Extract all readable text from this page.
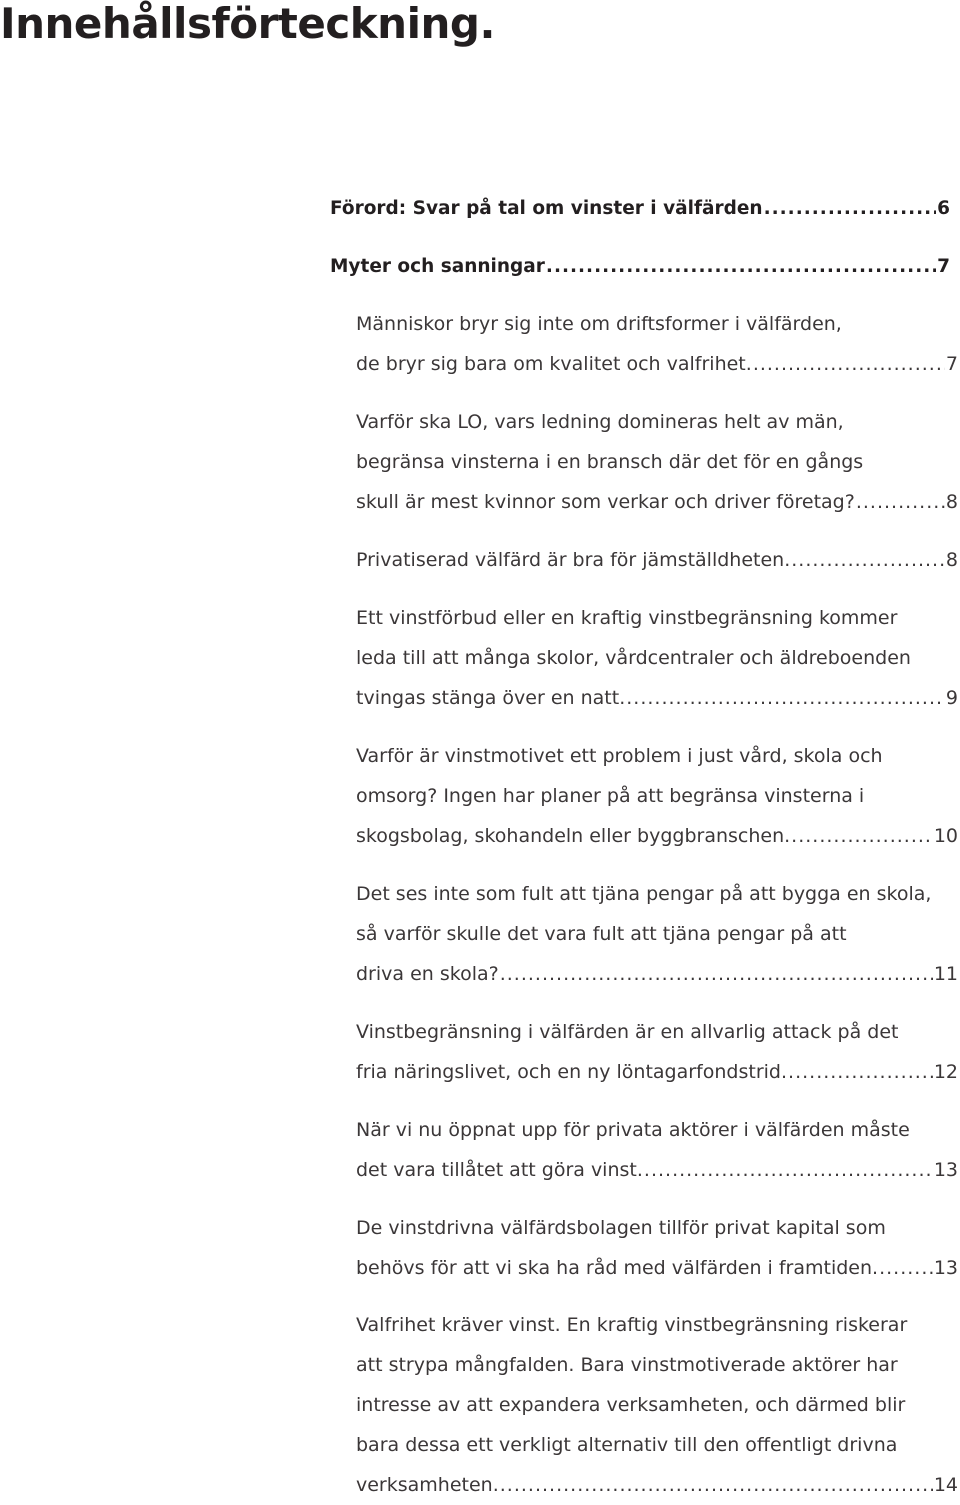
Innehållsförteckning.
Förord: Svar på tal om vinster i välfärden .....	6
Myter och sanningar .....	7
Människor bryr sig inte om driftsformer i välfärden,
de bryr sig bara om kvalitet och valfrihet. .....	7
Varför ska LO, vars ledning domineras helt av män,
begränsa vinsterna i en bransch där det för en gångs
skull är mest kvinnor som verkar och driver företag? .....	8
Privatiserad välfärd är bra för jämställdheten. .....	8
Ett vinstförbud eller en kraftig vinstbegränsning kommer
leda till att många skolor, vårdcentraler och äldreboenden
tvingas stänga över en natt. .....	9
Varför är vinstmotivet ett problem i just vård, skola och
omsorg? Ingen har planer på att begränsa vinsterna i
skogsbolag, skohandeln eller byggbranschen. .....	10
Det ses inte som fult att tjäna pengar på att bygga en skola,
så varför skulle det vara fult att tjäna pengar på att
driva en skola? .....	11
Vinstbegränsning i välfärden är en allvarlig attack på det
fria näringslivet, och en ny löntagarfondstrid. .....	12
När vi nu öppnat upp för privata aktörer i välfärden måste
det vara tillåtet att göra vinst. .....	13
De vinstdrivna välfärdsbolagen tillför privat kapital som
behövs för att vi ska ha råd med välfärden i framtiden. .....	13
Valfrihet kräver vinst. En kraftig vinstbegränsning riskerar
att strypa mångfalden. Bara vinstmotiverade aktörer har
intresse av att expandera verksamheten, och därmed blir
bara dessa ett verkligt alternativ till den offentligt drivna
verksamheten. .....	14
